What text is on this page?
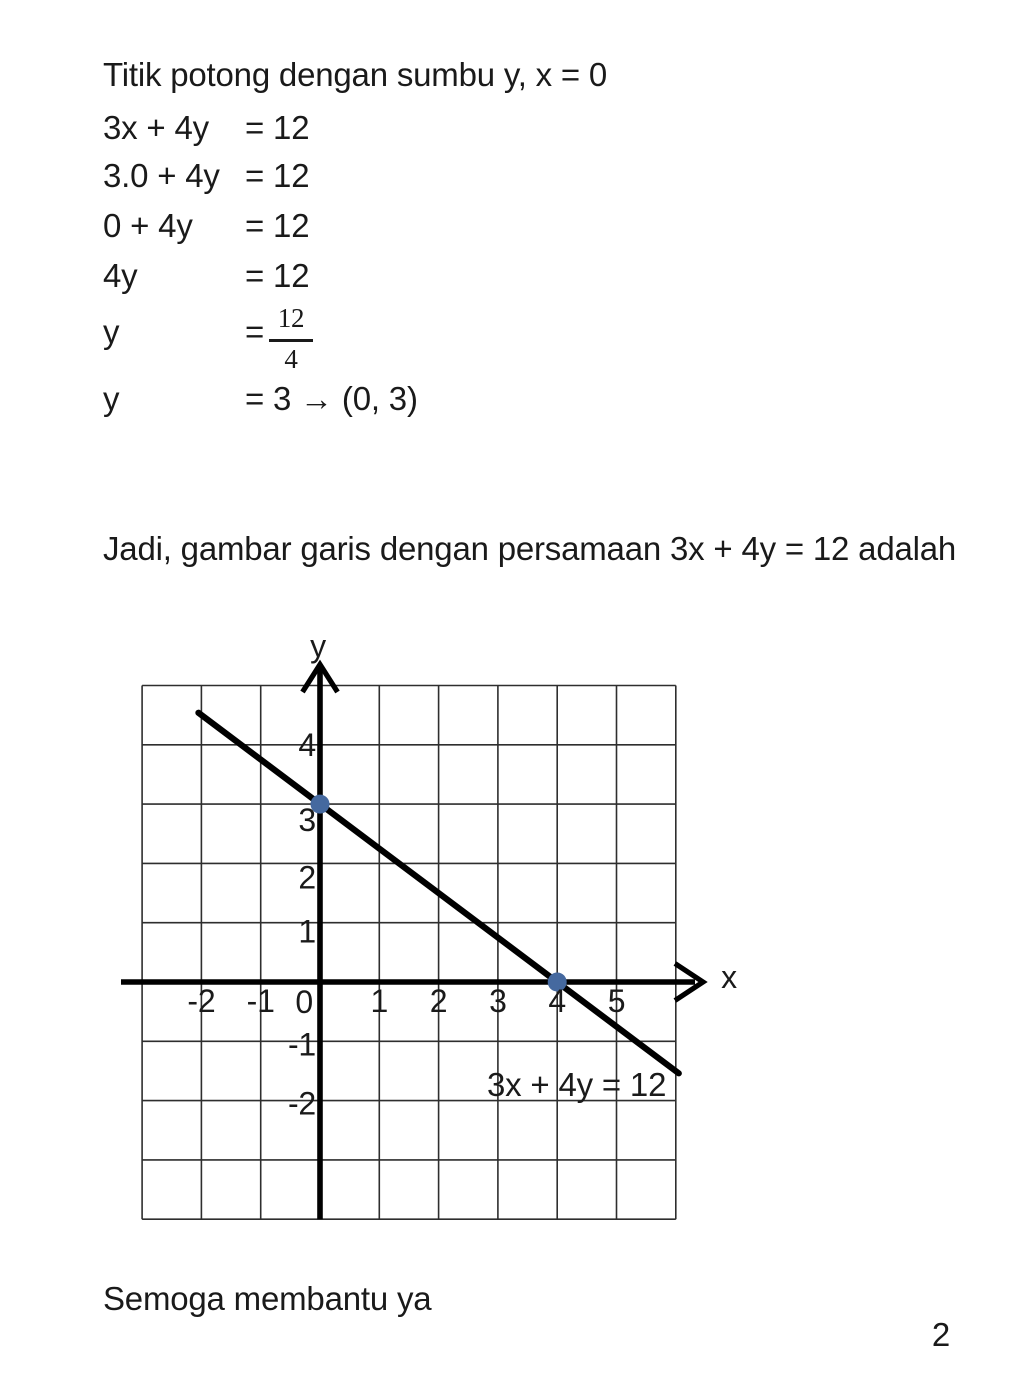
Titik potong dengan sumbu y, x = 0
3x + 4y = 12
3.0 + 4y = 12
0 + 4y = 12
4y	= 12
y	= 12
4
y	= 3 → (0, 3)
Jadi, gambar garis dengan persamaan 3x + 4y = 12 adalah
-2 -1 0 1 2 3 4 5
4
3
2
1
-1
-2
y
x
3x + 4y = 12
Semoga membantu ya
2
